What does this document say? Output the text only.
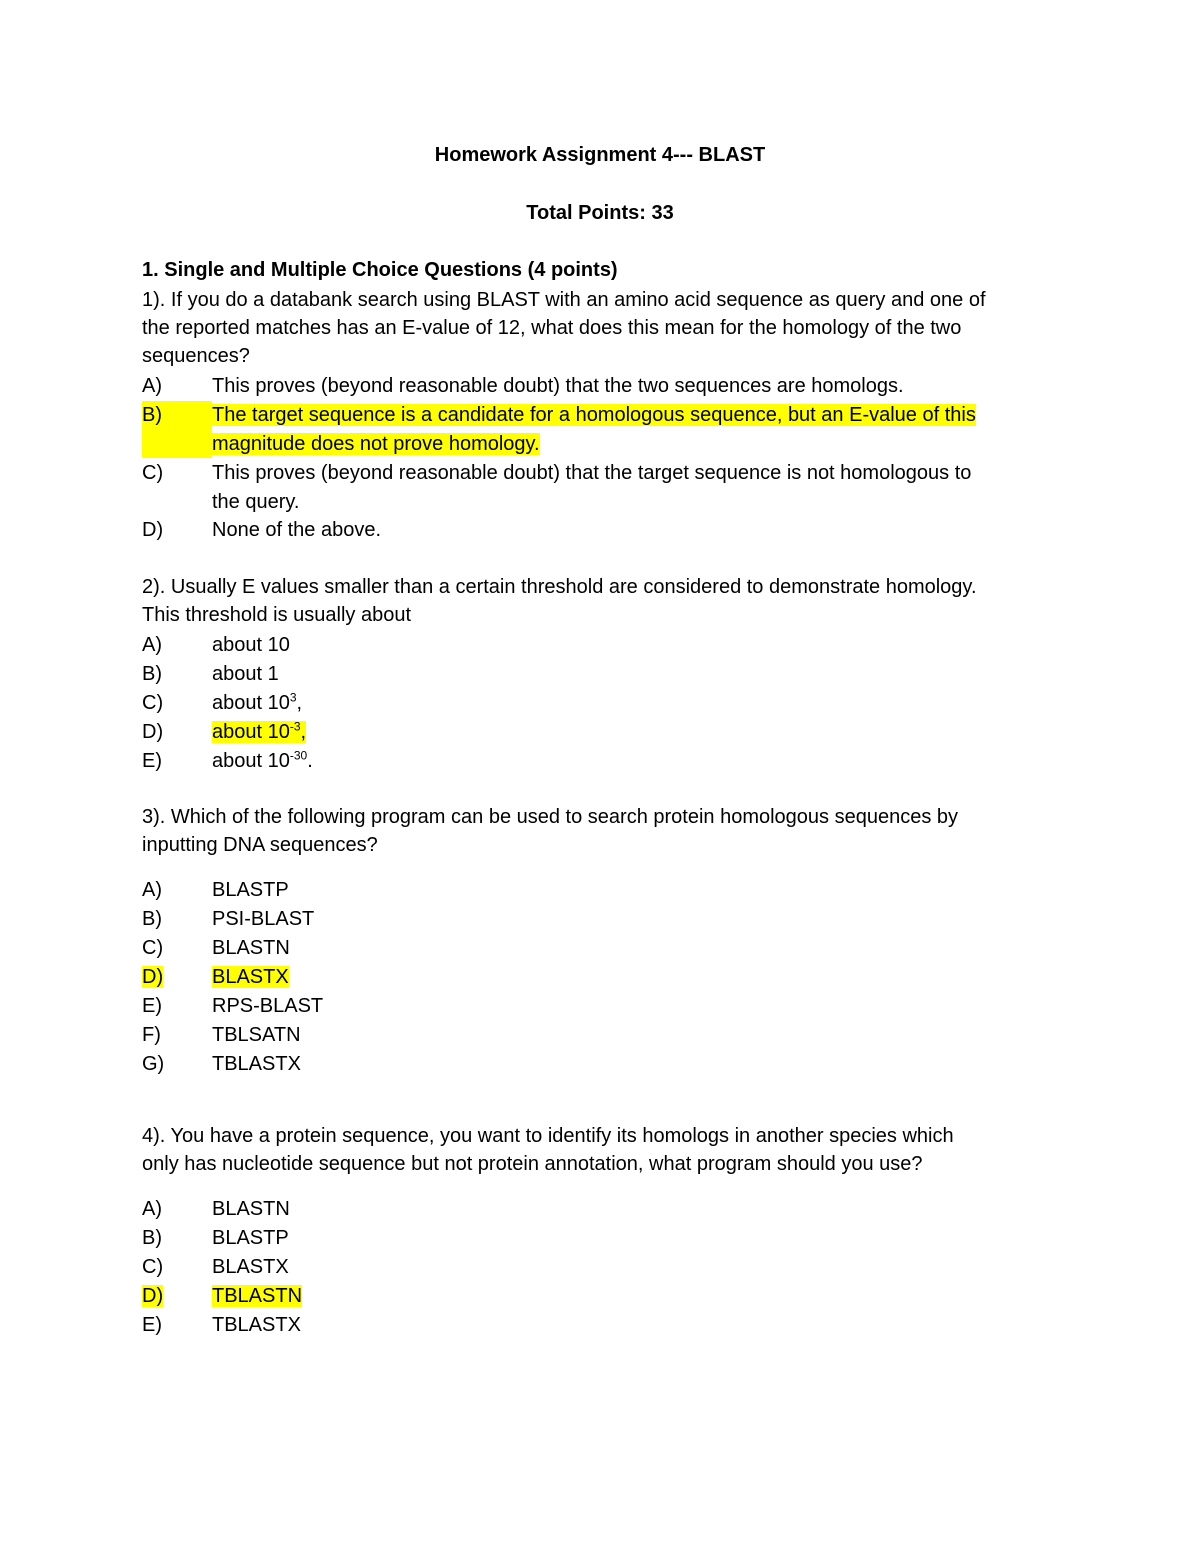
Homework Assignment 4--- BLAST
Total Points: 33
1. Single and Multiple Choice Questions (4 points)
1). If you do a databank search using BLAST with an amino acid sequence as query and one of
the reported matches has an E-value of 12, what does this mean for the homology of the two
sequences?
A)	This proves (beyond reasonable doubt) that the two sequences are homologs.
B)	The target sequence is a candidate for a homologous sequence, but an E-value of this
magnitude does not prove homology.
C)	This proves (beyond reasonable doubt) that the target sequence is not homologous to
the query.
D)	None of the above.
2). Usually E values smaller than a certain threshold are considered to demonstrate homology.
This threshold is usually about
A)	about 10
B)	about 1
C)	about $10^3$,
D)	about $10^{-3}$,
E)	about $10^{-30}$.
3). Which of the following program can be used to search protein homologous sequences by
inputting DNA sequences?
A)	BLASTP
B)	PSI-BLAST
C)	BLASTN
D)	BLASTX
E)	RPS-BLAST
F)	TBLSATN
G)	TBLASTX
4). You have a protein sequence, you want to identify its homologs in another species which
only has nucleotide sequence but not protein annotation, what program should you use?
A)	BLASTN
B)	BLASTP
C)	BLASTX
D)	TBLASTN
E)	TBLASTX
